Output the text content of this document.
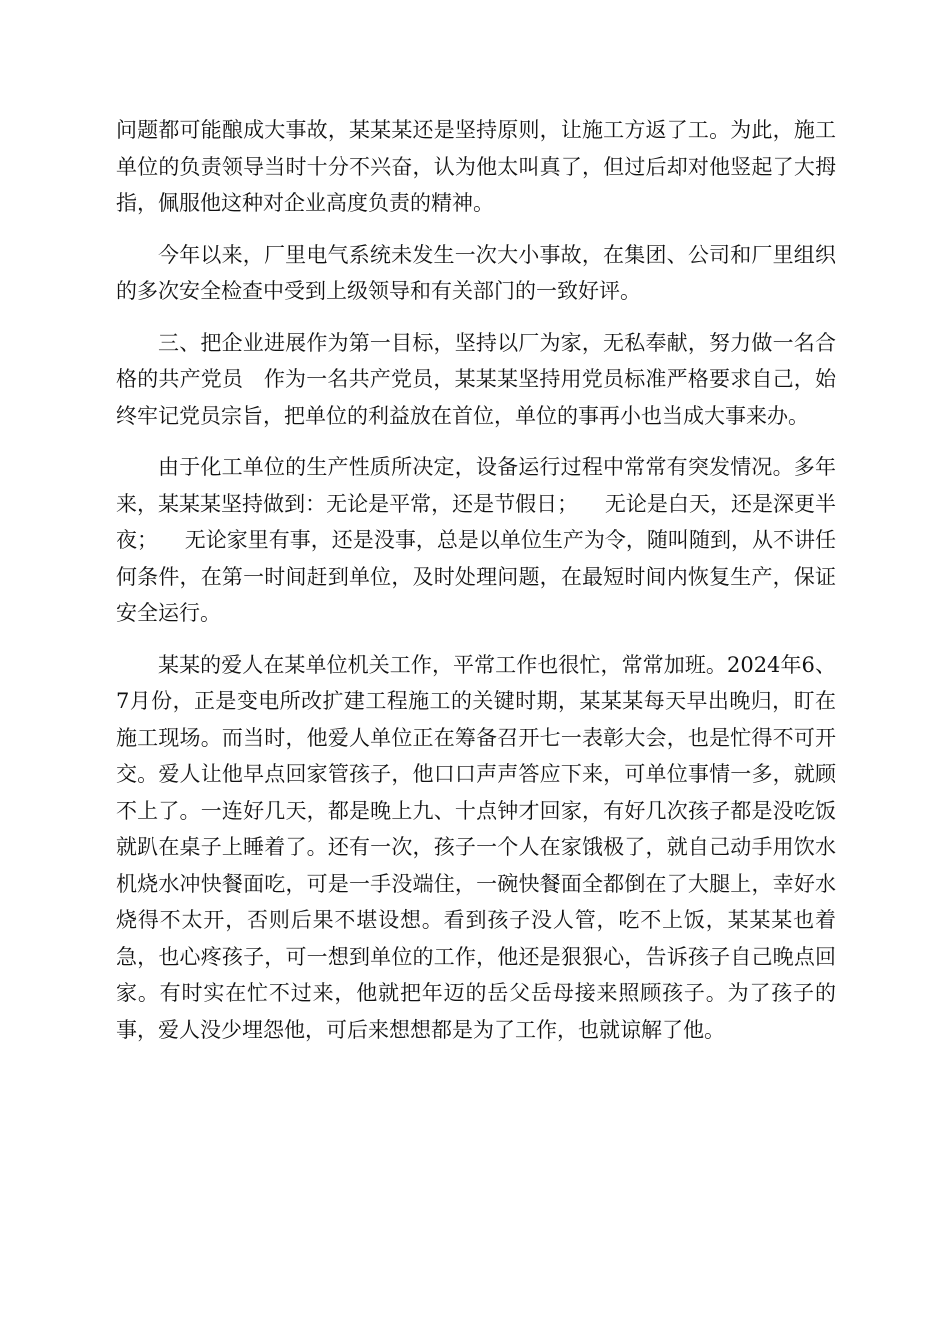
问题都可能酿成大事故，某某某还是坚持原则，让施工方返了工。为此，施工单位的负责领导当时十分不兴奋，认为他太叫真了，但过后却对他竖起了大拇指，佩服他这种对企业高度负责的精神。

今年以来，厂里电气系统未发生一次大小事故，在集团、公司和厂里组织的多次安全检查中受到上级领导和有关部门的一致好评。

三、把企业进展作为第一目标，坚持以厂为家，无私奉献，努力做一名合格的共产党员   作为一名共产党员，某某某坚持用党员标准严格要求自己，始终牢记党员宗旨，把单位的利益放在首位，单位的事再小也当成大事来办。

由于化工单位的生产性质所决定，设备运行过程中常常有突发情况。多年来，某某某坚持做到：无论是平常，还是节假日；    无论是白天，还是深更半夜；    无论家里有事，还是没事，总是以单位生产为令，随叫随到，从不讲任何条件，在第一时间赶到单位，及时处理问题，在最短时间内恢复生产，保证安全运行。

某某的爱人在某单位机关工作，平常工作也很忙，常常加班。2024年6、7月份，正是变电所改扩建工程施工的关键时期，某某某每天早出晚归，盯在施工现场。而当时，他爱人单位正在筹备召开七一表彰大会，也是忙得不可开交。爱人让他早点回家管孩子，他口口声声答应下来，可单位事情一多，就顾不上了。一连好几天，都是晚上九、十点钟才回家，有好几次孩子都是没吃饭就趴在桌子上睡着了。还有一次，孩子一个人在家饿极了，就自己动手用饮水机烧水冲快餐面吃，可是一手没端住，一碗快餐面全都倒在了大腿上，幸好水烧得不太开，否则后果不堪设想。看到孩子没人管，吃不上饭，某某某也着急，也心疼孩子，可一想到单位的工作，他还是狠狠心，告诉孩子自己晚点回家。有时实在忙不过来，他就把年迈的岳父岳母接来照顾孩子。为了孩子的事，爱人没少埋怨他，可后来想想都是为了工作，也就谅解了他。
